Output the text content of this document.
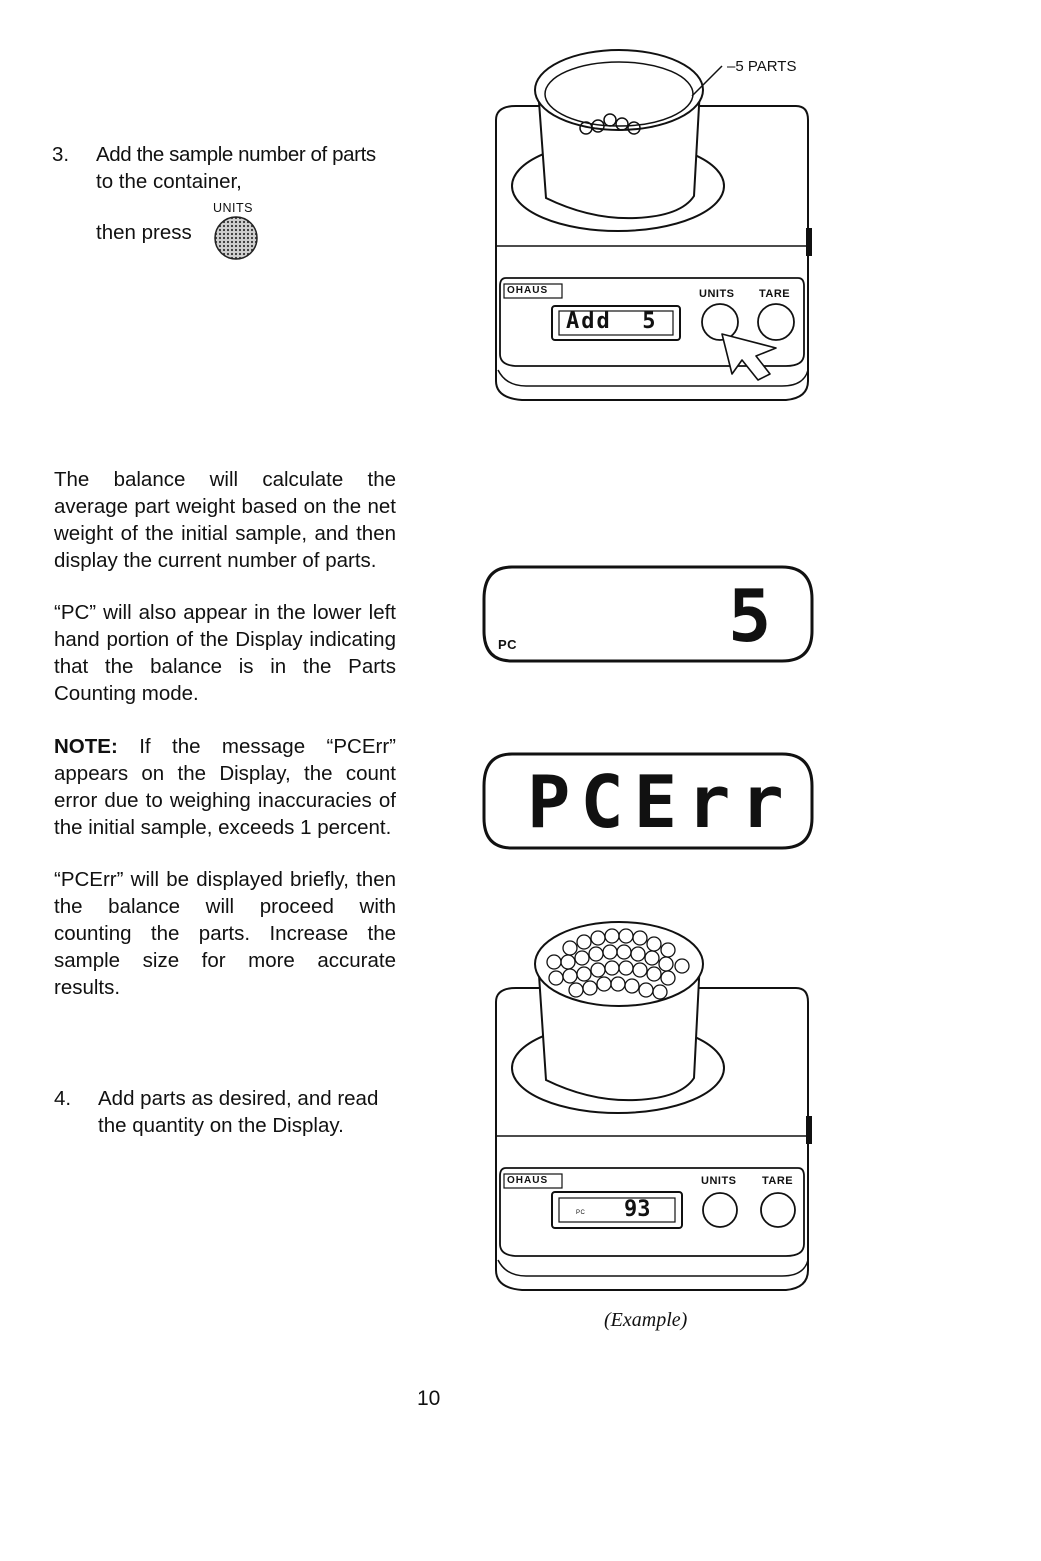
3. Add the sample number of parts
to the container,
UNITS
then press
–5 PARTS
OHAUS	UNITS TARE
Add  5
The balance will calculate the average part weight based on the net weight of the initial sample, and then display the current number of parts.
“PC” will also appear in the lower left hand portion of the Display indicating that the balance is in the Parts Counting mode.
NOTE: If the message “PCErr” appears on the Display, the count error due to weighing inaccuracies of the initial sample, exceeds 1 percent.
“PCErr” will be displayed briefly, then the balance will proceed with counting the parts. Increase the sample size for more accurate results.
PC	5
PCErr
4. Add parts as desired, and read
the quantity on the Display.
OHAUS	UNITS TARE
PC 93
(Example)
10
